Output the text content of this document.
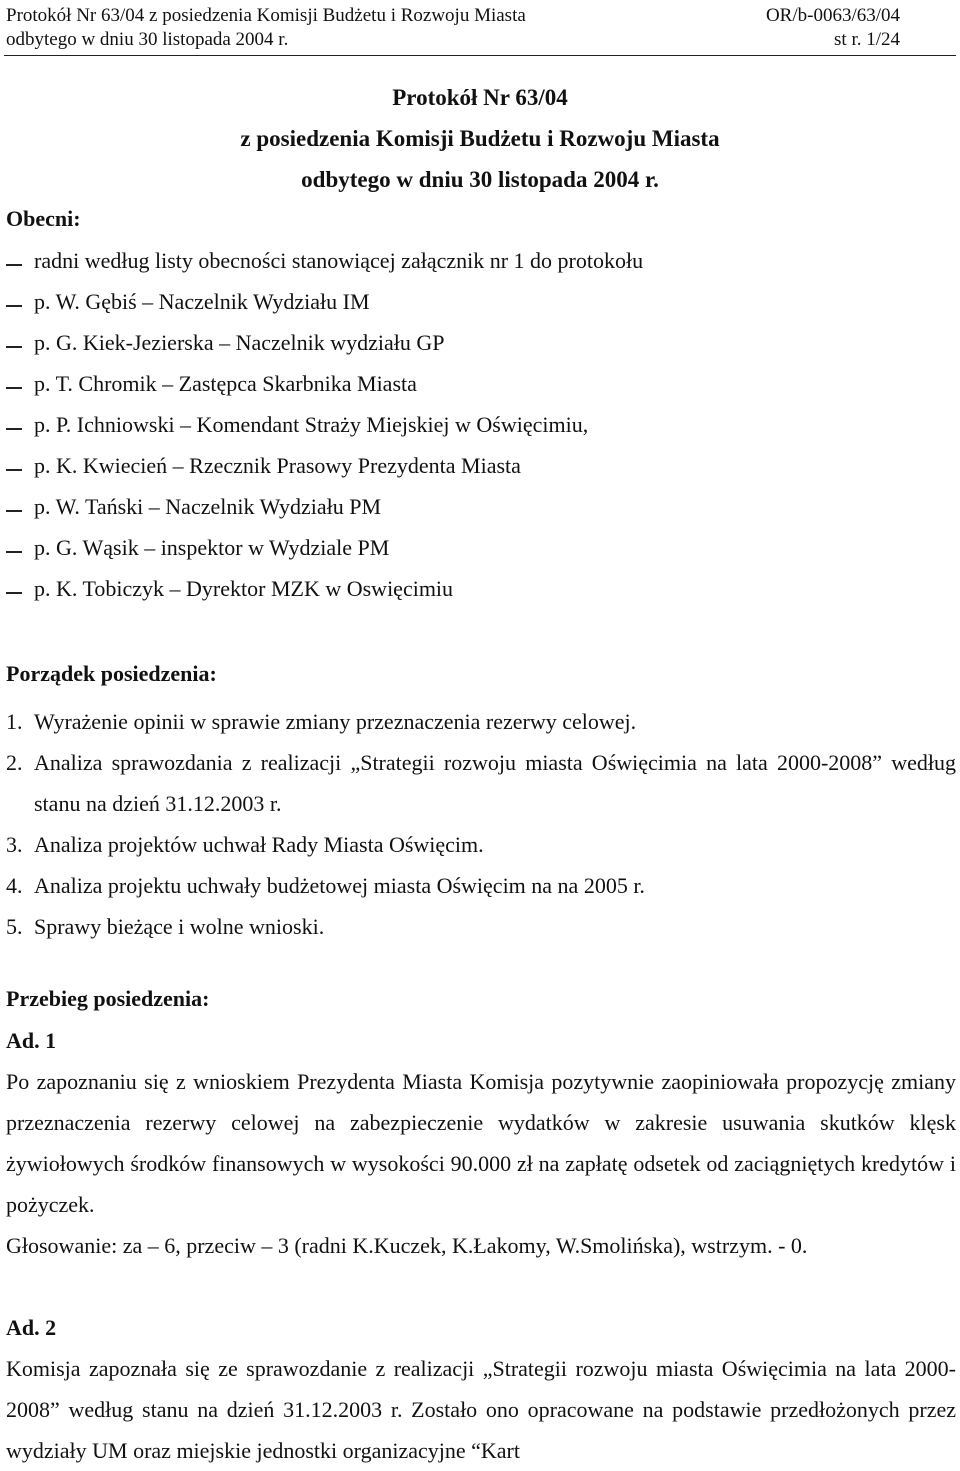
Protokół Nr 63/04 z posiedzenia Komisji Budżetu i Rozwoju Miasta	OR/b-0063/63/04
odbytego w dniu 30 listopada 2004 r.	st r. 1/24
Protokół Nr 63/04
z posiedzenia Komisji Budżetu i Rozwoju Miasta
odbytego w dniu 30 listopada 2004 r.
Obecni:
radni według listy obecności stanowiącej załącznik nr 1 do protokołu
p. W. Gębiś – Naczelnik Wydziału IM
p. G. Kiek-Jezierska – Naczelnik wydziału GP
p. T. Chromik – Zastępca Skarbnika Miasta
p. P. Ichniowski – Komendant Straży Miejskiej w Oświęcimiu,
p. K. Kwiecień – Rzecznik Prasowy Prezydenta Miasta
p. W. Tański – Naczelnik Wydziału PM
p. G. Wąsik – inspektor w Wydziale PM
p. K. Tobiczyk – Dyrektor MZK w Oswięcimiu
Porządek posiedzenia:
1. Wyrażenie opinii w sprawie zmiany przeznaczenia rezerwy celowej.
2. Analiza sprawozdania z realizacji „Strategii rozwoju miasta Oświęcimia na lata 2000-2008” według stanu na dzień 31.12.2003 r.
3. Analiza projektów uchwał Rady Miasta Oświęcim.
4. Analiza projektu uchwały budżetowej miasta Oświęcim na na 2005 r.
5. Sprawy bieżące i wolne wnioski.
Przebieg posiedzenia:
Ad. 1
Po zapoznaniu się z wnioskiem Prezydenta Miasta Komisja pozytywnie zaopiniowała propozycję zmiany przeznaczenia rezerwy celowej na zabezpieczenie wydatków w zakresie usuwania skutków klęsk żywiołowych środków finansowych w wysokości 90.000 zł na zapłatę odsetek od zaciągniętych kredytów i pożyczek.
Głosowanie: za – 6, przeciw – 3 (radni K.Kuczek, K.Łakomy, W.Smolińska), wstrzym. - 0.
Ad. 2
Komisja zapoznała się ze sprawozdanie z realizacji „Strategii rozwoju miasta Oświęcimia na lata 2000-2008” według stanu na dzień 31.12.2003 r. Zostało ono opracowane na podstawie przedłożonych przez wydziały UM oraz miejskie jednostki organizacyjne “Kart
